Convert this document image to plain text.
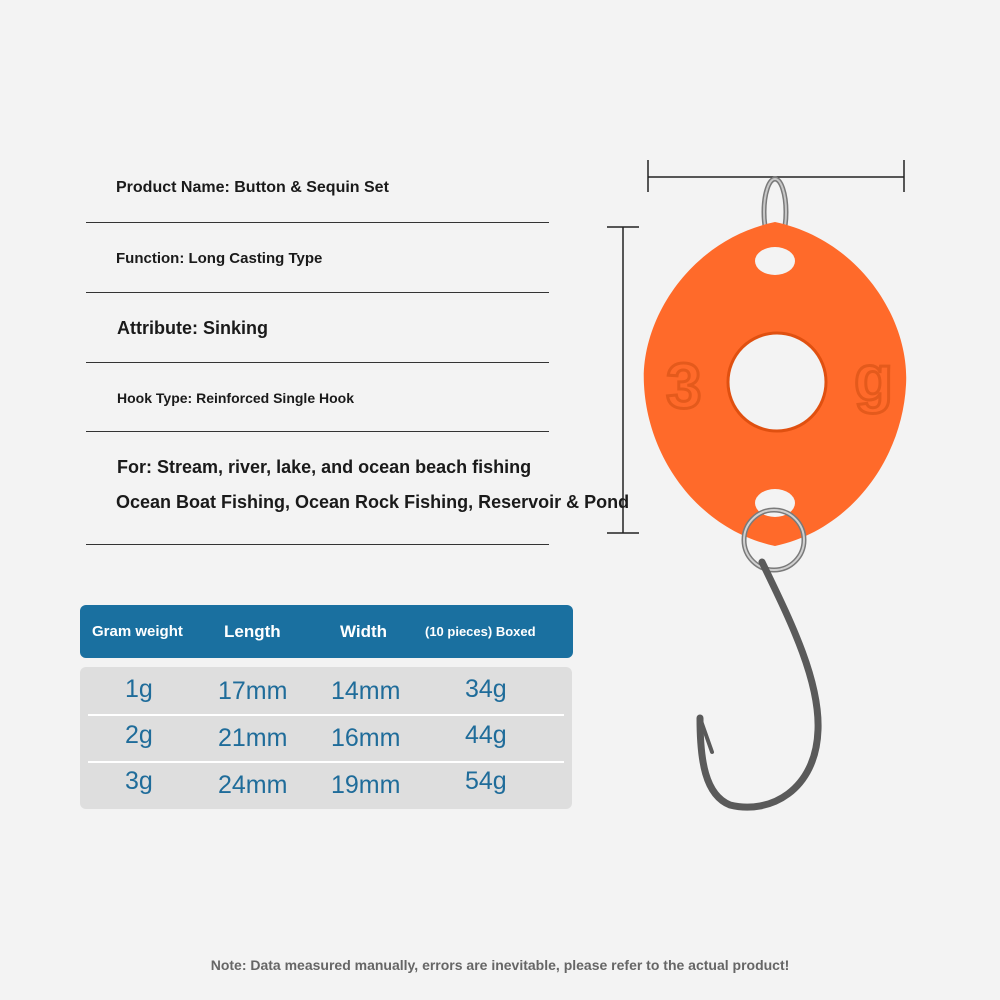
Product Name: Button & Sequin Set
Function: Long Casting Type
Attribute: Sinking
Hook Type: Reinforced Single Hook
For: Stream, river, lake, and ocean beach fishing
Ocean Boat Fishing, Ocean Rock Fishing, Reservoir & Pond
Gram weight Length	Width	(10 pieces) Boxed
1g	17mm 14mm	34g
2g	21mm 16mm	44g
3g	24mm 19mm	54g
3 g
Note: Data measured manually, errors are inevitable, please refer to the actual product!
